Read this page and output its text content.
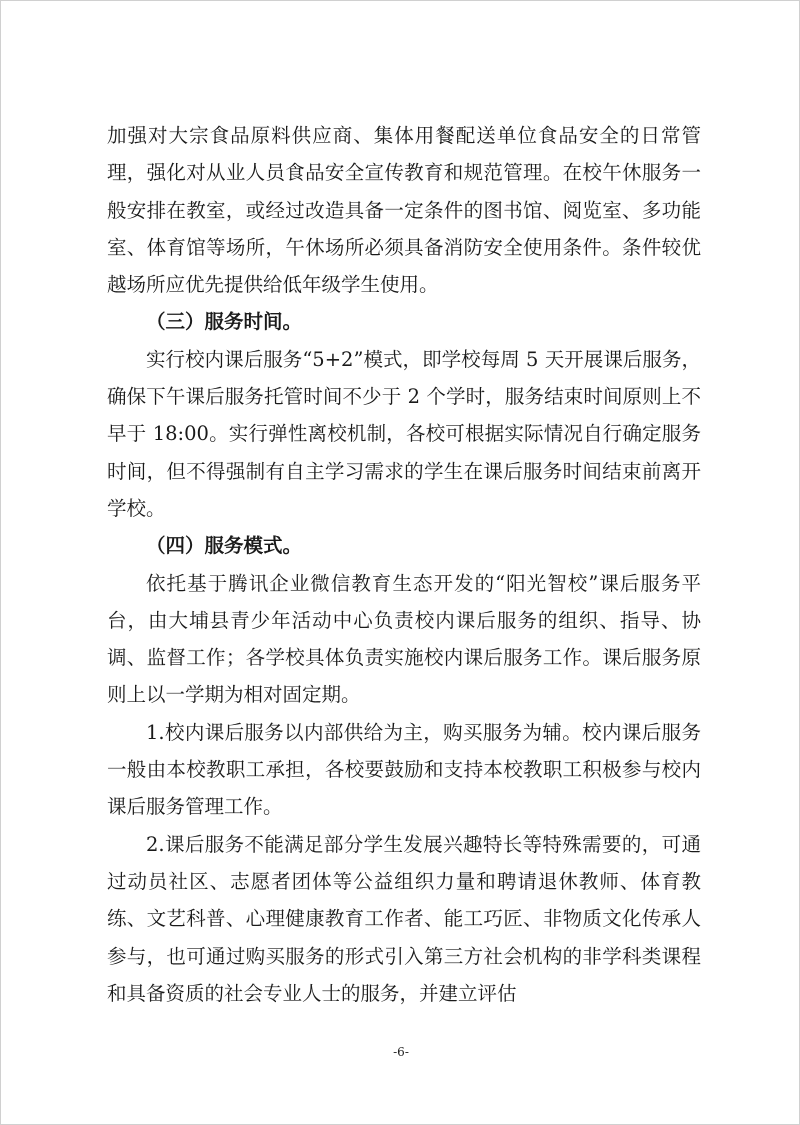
加强对大宗食品原料供应商、集体用餐配送单位食品安全的日常管理，强化对从业人员食品安全宣传教育和规范管理。在校午休服务一般安排在教室，或经过改造具备一定条件的图书馆、阅览室、多功能室、体育馆等场所，午休场所必须具备消防安全使用条件。条件较优越场所应优先提供给低年级学生使用。

（三）服务时间。

实行校内课后服务“5+2”模式，即学校每周 5 天开展课后服务，确保下午课后服务托管时间不少于 2 个学时，服务结束时间原则上不早于 18:00。实行弹性离校机制，各校可根据实际情况自行确定服务时间，但不得强制有自主学习需求的学生在课后服务时间结束前离开学校。

（四）服务模式。

依托基于腾讯企业微信教育生态开发的“阳光智校”课后服务平台，由大埔县青少年活动中心负责校内课后服务的组织、指导、协调、监督工作；各学校具体负责实施校内课后服务工作。课后服务原则上以一学期为相对固定期。

1.校内课后服务以内部供给为主，购买服务为辅。校内课后服务一般由本校教职工承担，各校要鼓励和支持本校教职工积极参与校内课后服务管理工作。

2.课后服务不能满足部分学生发展兴趣特长等特殊需要的，可通过动员社区、志愿者团体等公益组织力量和聘请退休教师、体育教练、文艺科普、心理健康教育工作者、能工巧匠、非物质文化传承人参与，也可通过购买服务的形式引入第三方社会机构的非学科类课程和具备资质的社会专业人士的服务，并建立评估

-6-
